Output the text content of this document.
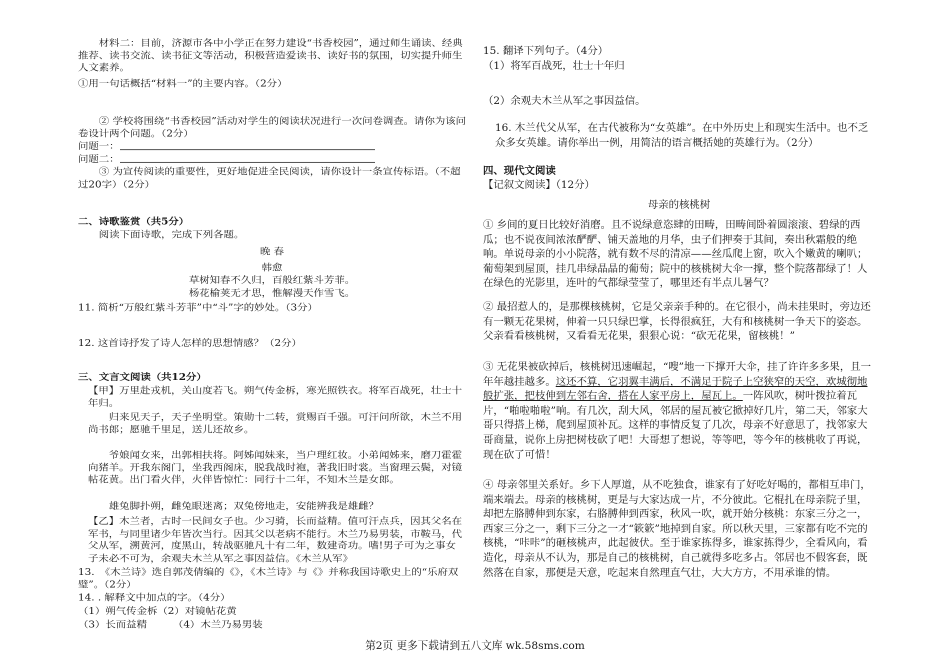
材料二：目前，济源市各中小学正在努力建设“书香校园”，通过师生诵读、经典推荐、读书交流、读书征文等活动，积极营造爱读书、读好书的氛围，切实提升师生人文素养。

①用一句话概括“材料一”的主要内容。（2分）

② 学校将围绕“书香校园”活动对学生的阅读状况进行一次问卷调查。请你为该问卷设计两个问题。（2分）

问题一：

问题二：

③ 为宣传阅读的重要性，更好地促进全民阅读，请你设计一条宣传标语。（不超过20字）（2分）

二、诗歌鉴赏（共5分）

阅读下面诗歌，完成下列各题。

晚 春

韩愈

草树知春不久归，百般红紫斗芳菲。

杨花榆荚无才思，惟解漫天作雪飞。

11. 简析“万般红紫斗芳菲”中“斗”字的妙处。（3分）

12. 这首诗抒发了诗人怎样的思想情感？（2分）

三、文言文阅读（共12分）

【甲】万里赴戎机，关山度若飞。朔气传金柝，寒光照铁衣。将军百战死，壮士十年归。

归来见天子，天子坐明堂。策勋十二转，赏赐百千强。可汗问所欲，木兰不用尚书郎；愿驰千里足，送儿还故乡。

爷娘闻女来，出郭相扶将。阿姊闻妹来，当户理红妆。小弟闻姊来，磨刀霍霍向猪羊。开我东阁门，坐我西阁床，脱我战时袍，著我旧时裳。当窗理云鬓，对镜帖花黄。出门看火伴，火伴皆惊忙：同行十二年，不知木兰是女郎。

雄兔脚扑朔，雌兔眼迷离；双兔傍地走，安能辨我是雄雌？

【乙】木兰者，古时一民间女子也。少习骑，长而益精。值可汗点兵，因其父名在军书，与同里诸少年皆次当行。因其父以老病不能行。木兰乃易男装，市鞍马，代父从军，溯黄河，度黑山，转战驱驰凡十有二年，数建奇功。嗜!男子可为之事女子未必不可为，余观夫木兰从军之事因益信。《木兰从军》

13.　《木兰诗》选自郭茂倩编的《》，《木兰诗》与《》并称我国诗歌史上的“乐府双璧”。（2分）

14. . 解释文中加点的字。（4分）

（1）朔气传金柝（2）对镜帖花黄

（3）长而益精　　　（4）木兰乃易男装

15. 翻译下列句子。（4分）

（1）将军百战死，壮士十年归

（2）余观夫木兰从军之事因益信。

16. 木兰代父从军，在古代被称为“女英雄”。在中外历史上和现实生活中。也不乏众多女英雄。请你举出一例，用简洁的语言概括她的英雄行为。（2分）

四、现代文阅读

【记叙文阅读】（12分）

母亲的核桃树

① 乡间的夏日比较好消磨。且不说绿意恣肆的田畴，田畴间卧着圆滚滚、碧绿的西瓜；也不说夜间浓浓酽酽、铺天盖地的月华，虫子们押奏于其间，奏出秋霜般的绝响。单说母亲的小小院落，就有数不尽的清凉——丝瓜爬上窗，吹入个嫩黄的喇叭；葡萄架到屋顶，挂几串绿晶晶的葡萄；院中的核桃树大伞一撑，整个院落都绿了！人在绿色的光影里，连叶的气都绿莹莹了，哪里还有半点儿暑气？

② 最招惹人的，是那棵核桃树，它是父亲亲手种的。在它很小，尚未挂果时，旁边还有一颗无花果树，伸着一只只绿巴掌，长得很疯狂，大有和核桃树一争天下的姿态。父亲看看核桃树，又看看无花果，狠狠心说：“砍无花果，留核桃！”

③ 无花果被砍掉后，核桃树迅速崛起，“嗖”地一下撑开大伞，挂了许许多多果，且一年年越挂越多。这还不算，它羽翼丰满后，不满足于院子上空狭窄的天空，欢城彻地般扩张，把枝伸到左邻右舍，搭在人家平房上，屋瓦上。一阵风吹，树叶拨拉着瓦片，“啪啦啪啦”响。有几次，刮大风，邻居的屋瓦被它掀掉好几片，第二天，邻家大哥只得搭上梯，爬到屋顶补瓦。这样的事情反复了几次，母亲不好意思了，找邻家大哥商量，说你上房把树枝砍了吧！大哥想了想说，等等吧，等今年的核桃收了再说，现在砍了可惜！

④ 母亲邻里关系好。乡下人厚道，从不吃独食，谁家有了好吃好喝的，都相互串门，端来端去。母亲的核桃树，更是与大家达成一片，不分彼此。它棍扎在母亲院子里，却把左胳膊伸到东家，右胳膊伸到西家，秋风一吹，就开始分核桃：东家三分之一，西家三分之一，剩下三分之一才“簌簌”地掉到自家。所以秋天里，三家都有吃不完的核桃，“咔咔”的砸核桃声，此起彼伏。至于谁家拣得多，谁家拣得少，全看风向，看造化，母亲从不认为，那是自己的核桃树，自己就得多吃多占。邻居也不假客套，既然落在自家，那便是天意，吃起来自然理直气壮，大大方方，不用承谁的情。

第2页 更多下载请到五八文库 wk.58sms.com
